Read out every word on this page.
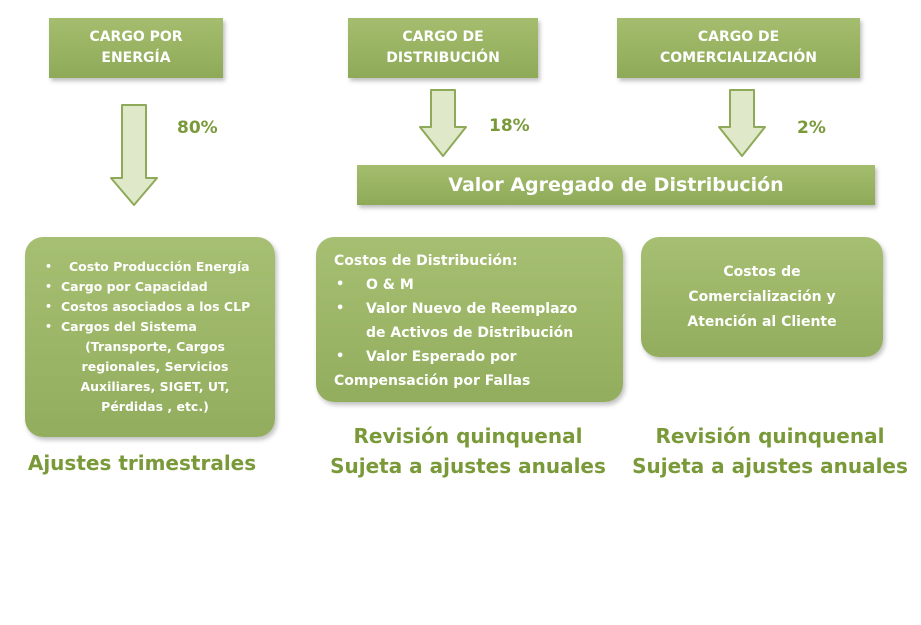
CARGO POR
ENERGÍA
CARGO DE
DISTRIBUCIÓN
CARGO DE
COMERCIALIZACIÓN
80%	18%	2%
Valor Agregado de Distribución
• Costo Producción Energía
• Cargo por Capacidad
• Costos asociados a los CLP
• Cargos del Sistema
(Transporte, Cargos
regionales, Servicios
Auxiliares, SIGET, UT,
Pérdidas , etc.)
Costos de Distribución:
• O & M
• Valor Nuevo de Reemplazo
de Activos de Distribución
• Valor Esperado por
Compensación por Fallas
Costos de
Comercialización y
Atención al Cliente
Ajustes trimestrales
Revisión quinquenal
Sujeta a ajustes anuales
Revisión quinquenal
Sujeta a ajustes anuales
